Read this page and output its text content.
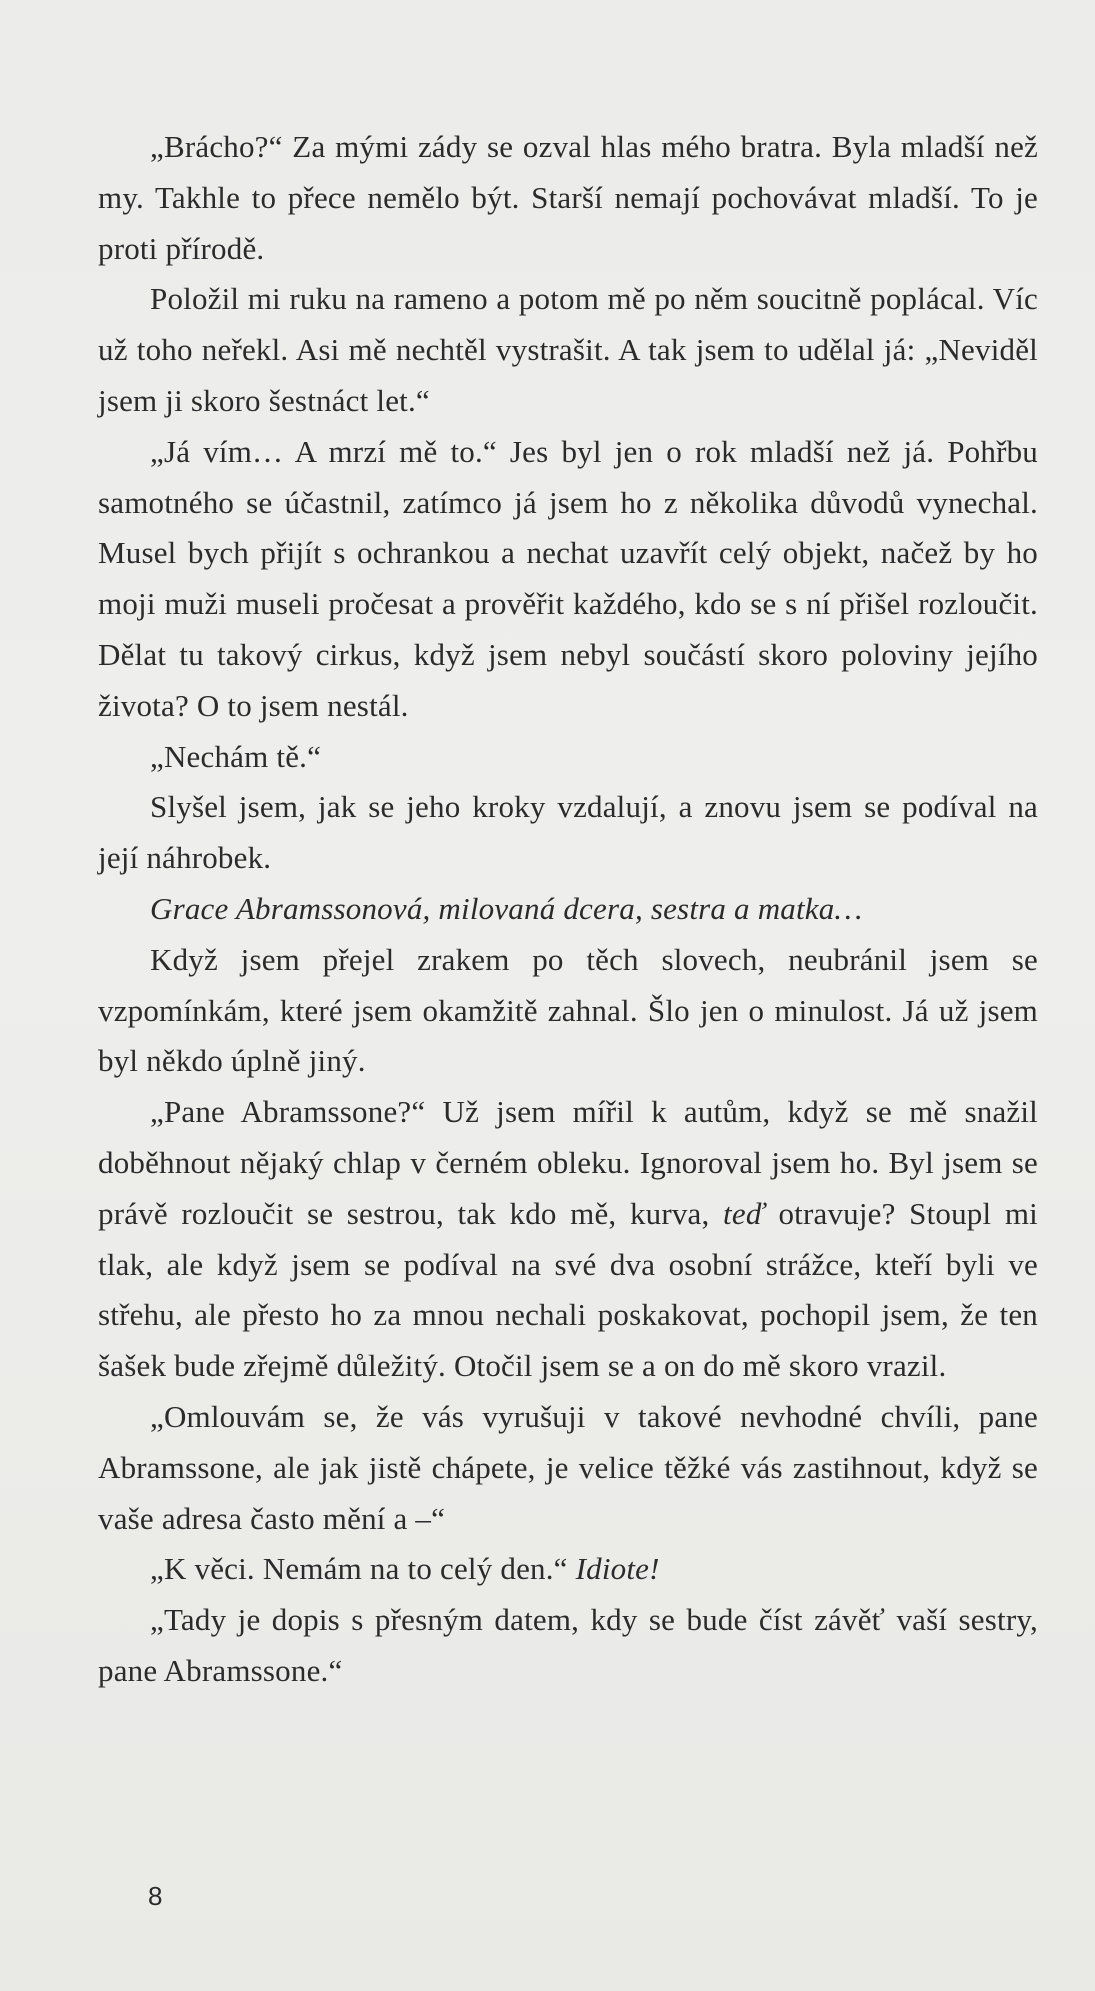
„Brácho?“ Za mými zády se ozval hlas mého bratra. Byla mladší než my. Takhle to přece nemělo být. Starší nemají pochovávat mladší. To je proti přírodě.

Položil mi ruku na rameno a potom mě po něm soucitně poplácal. Víc už toho neřekl. Asi mě nechtěl vystrašit. A tak jsem to udělal já: „Neviděl jsem ji skoro šestnáct let.“

„Já vím… A mrzí mě to.“ Jes byl jen o rok mladší než já. Pohřbu samotného se účastnil, zatímco já jsem ho z několika důvodů vynechal. Musel bych přijít s ochrankou a nechat uzavřít celý objekt, načež by ho moji muži museli pročesat a prověřit každého, kdo se s ní přišel rozloučit. Dělat tu takový cirkus, když jsem nebyl součástí skoro poloviny jejího života? O to jsem nestál.

„Nechám tě.“

Slyšel jsem, jak se jeho kroky vzdalují, a znovu jsem se podíval na její náhrobek.

Grace Abramssonová, milovaná dcera, sestra a matka…

Když jsem přejel zrakem po těch slovech, neubránil jsem se vzpomínkám, které jsem okamžitě zahnal. Šlo jen o minulost. Já už jsem byl někdo úplně jiný.

„Pane Abramssone?“ Už jsem mířil k autům, když se mě snažil doběhnout nějaký chlap v černém obleku. Ignoroval jsem ho. Byl jsem se právě rozloučit se sestrou, tak kdo mě, kurva, teď otravuje? Stoupl mi tlak, ale když jsem se podíval na své dva osobní strážce, kteří byli ve střehu, ale přesto ho za mnou nechali poskakovat, pochopil jsem, že ten šašek bude zřejmě důležitý. Otočil jsem se a on do mě skoro vrazil.

„Omlouvám se, že vás vyrušuji v takové nevhodné chvíli, pane Abramssone, ale jak jistě chápete, je velice těžké vás zastihnout, když se vaše adresa často mění a –“

„K věci. Nemám na to celý den.“ Idiote!

„Tady je dopis s přesným datem, kdy se bude číst závěť vaší sestry, pane Abramssone.“

8
